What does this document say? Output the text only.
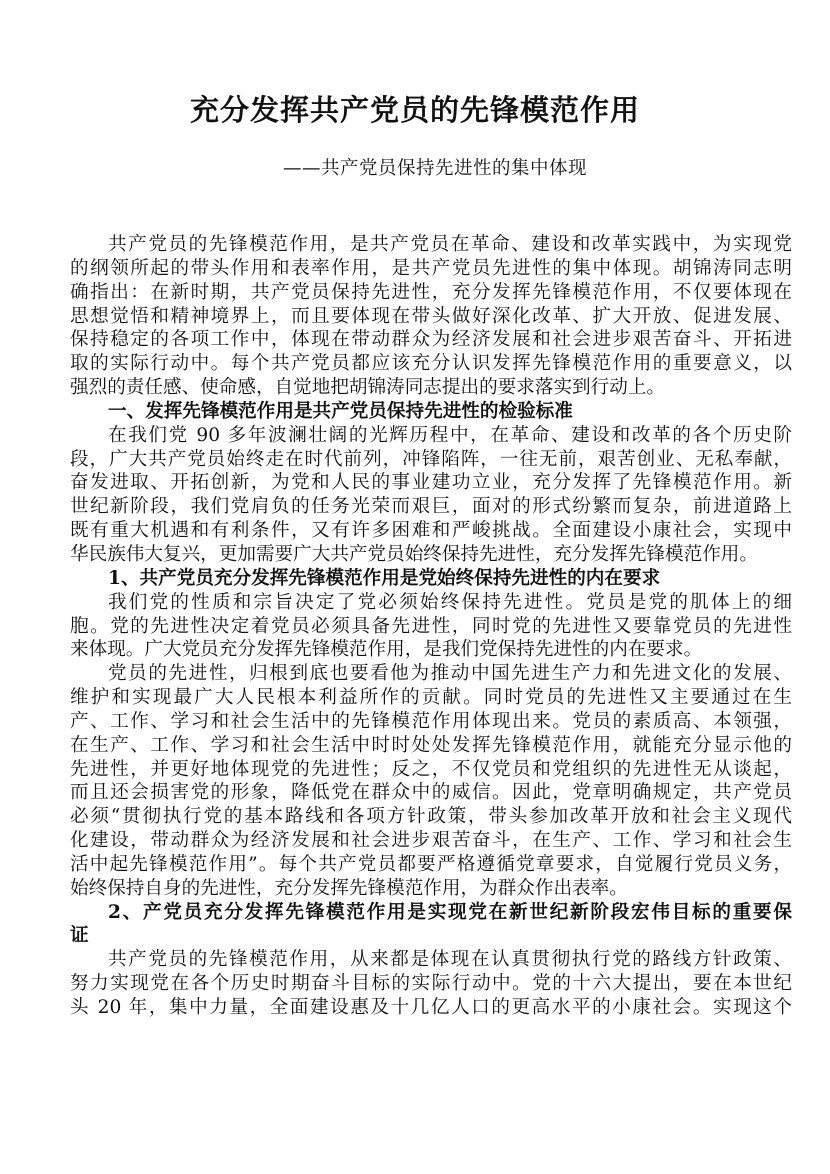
充分发挥共产党员的先锋模范作用
——共产党员保持先进性的集中体现
共产党员的先锋模范作用，是共产党员在革命、建设和改革实践中，为实现党
的纲领所起的带头作用和表率作用，是共产党员先进性的集中体现。胡锦涛同志明
确指出：在新时期，共产党员保持先进性，充分发挥先锋模范作用，不仅要体现在
思想觉悟和精神境界上，而且要体现在带头做好深化改革、扩大开放、促进发展、
保持稳定的各项工作中，体现在带动群众为经济发展和社会进步艰苦奋斗、开拓进
取的实际行动中。每个共产党员都应该充分认识发挥先锋模范作用的重要意义，以
强烈的责任感、使命感，自觉地把胡锦涛同志提出的要求落实到行动上。
一、发挥先锋模范作用是共产党员保持先进性的检验标准
在我们党 90 多年波澜壮阔的光辉历程中，在革命、建设和改革的各个历史阶
段，广大共产党员始终走在时代前列，冲锋陷阵，一往无前，艰苦创业、无私奉献，
奋发进取、开拓创新，为党和人民的事业建功立业，充分发挥了先锋模范作用。新
世纪新阶段，我们党肩负的任务光荣而艰巨，面对的形式纷繁而复杂，前进道路上
既有重大机遇和有利条件，又有许多困难和严峻挑战。全面建设小康社会，实现中
华民族伟大复兴，更加需要广大共产党员始终保持先进性，充分发挥先锋模范作用。
1、共产党员充分发挥先锋模范作用是党始终保持先进性的内在要求
我们党的性质和宗旨决定了党必须始终保持先进性。党员是党的肌体上的细
胞。党的先进性决定着党员必须具备先进性，同时党的先进性又要靠党员的先进性
来体现。广大党员充分发挥先锋模范作用，是我们党保持先进性的内在要求。
党员的先进性，归根到底也要看他为推动中国先进生产力和先进文化的发展、
维护和实现最广大人民根本利益所作的贡献。同时党员的先进性又主要通过在生
产、工作、学习和社会生活中的先锋模范作用体现出来。党员的素质高、本领强，
在生产、工作、学习和社会生活中时时处处发挥先锋模范作用，就能充分显示他的
先进性，并更好地体现党的先进性；反之，不仅党员和党组织的先进性无从谈起，
而且还会损害党的形象，降低党在群众中的威信。因此，党章明确规定，共产党员
必须“贯彻执行党的基本路线和各项方针政策，带头参加改革开放和社会主义现代
化建设，带动群众为经济发展和社会进步艰苦奋斗，在生产、工作、学习和社会生
活中起先锋模范作用”。每个共产党员都要严格遵循党章要求，自觉履行党员义务，
始终保持自身的先进性，充分发挥先锋模范作用，为群众作出表率。
2、产党员充分发挥先锋模范作用是实现党在新世纪新阶段宏伟目标的重要保
证
共产党员的先锋模范作用，从来都是体现在认真贯彻执行党的路线方针政策、
努力实现党在各个历史时期奋斗目标的实际行动中。党的十六大提出，要在本世纪
头 20 年，集中力量，全面建设惠及十几亿人口的更高水平的小康社会。实现这个
